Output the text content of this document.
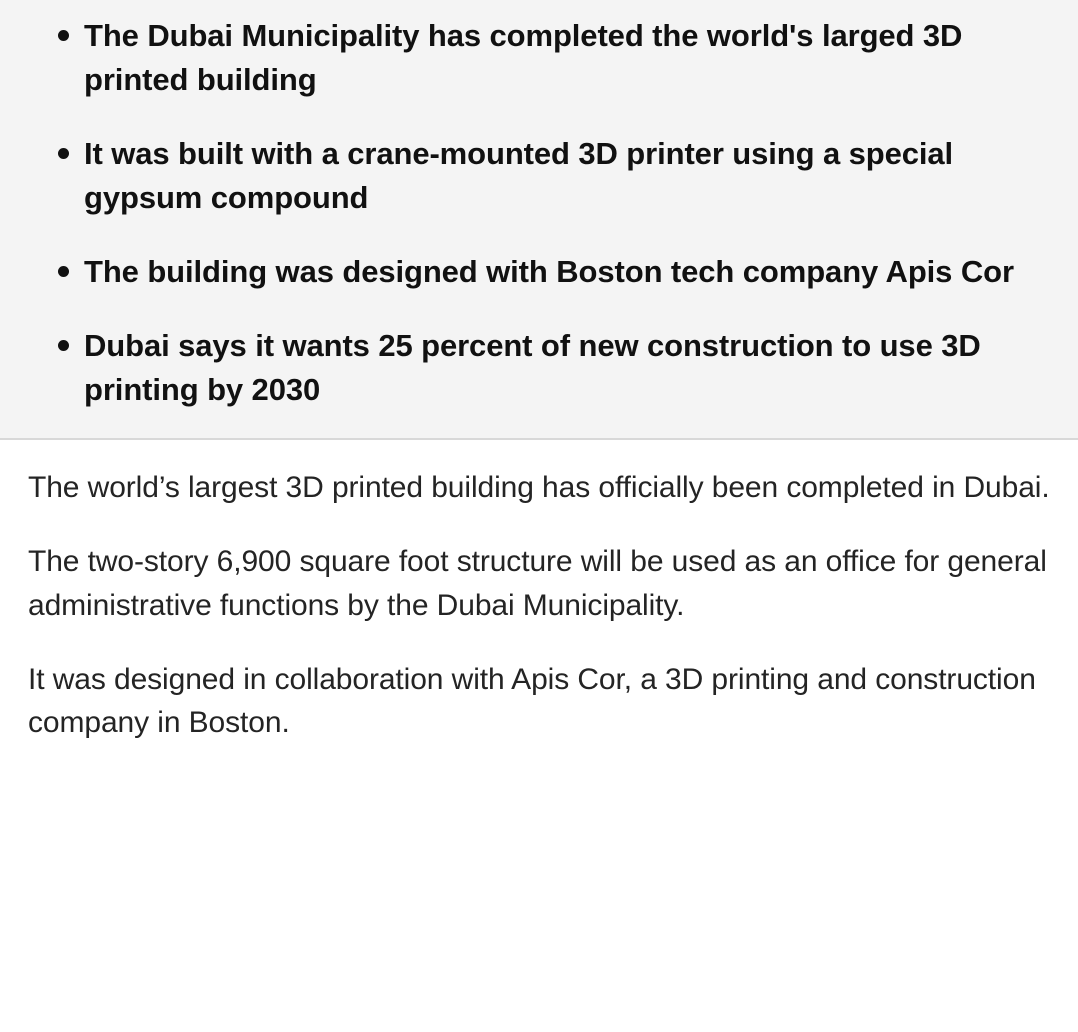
The Dubai Municipality has completed the world's larged 3D printed building
It was built with a crane-mounted 3D printer using a special gypsum compound
The building was designed with Boston tech company Apis Cor
Dubai says it wants 25 percent of new construction to use 3D printing by 2030

The world’s largest 3D printed building has officially been completed in Dubai.

The two-story 6,900 square foot structure will be used as an office for general administrative functions by the Dubai Municipality.

It was designed in collaboration with Apis Cor, a 3D printing and construction company in Boston.
